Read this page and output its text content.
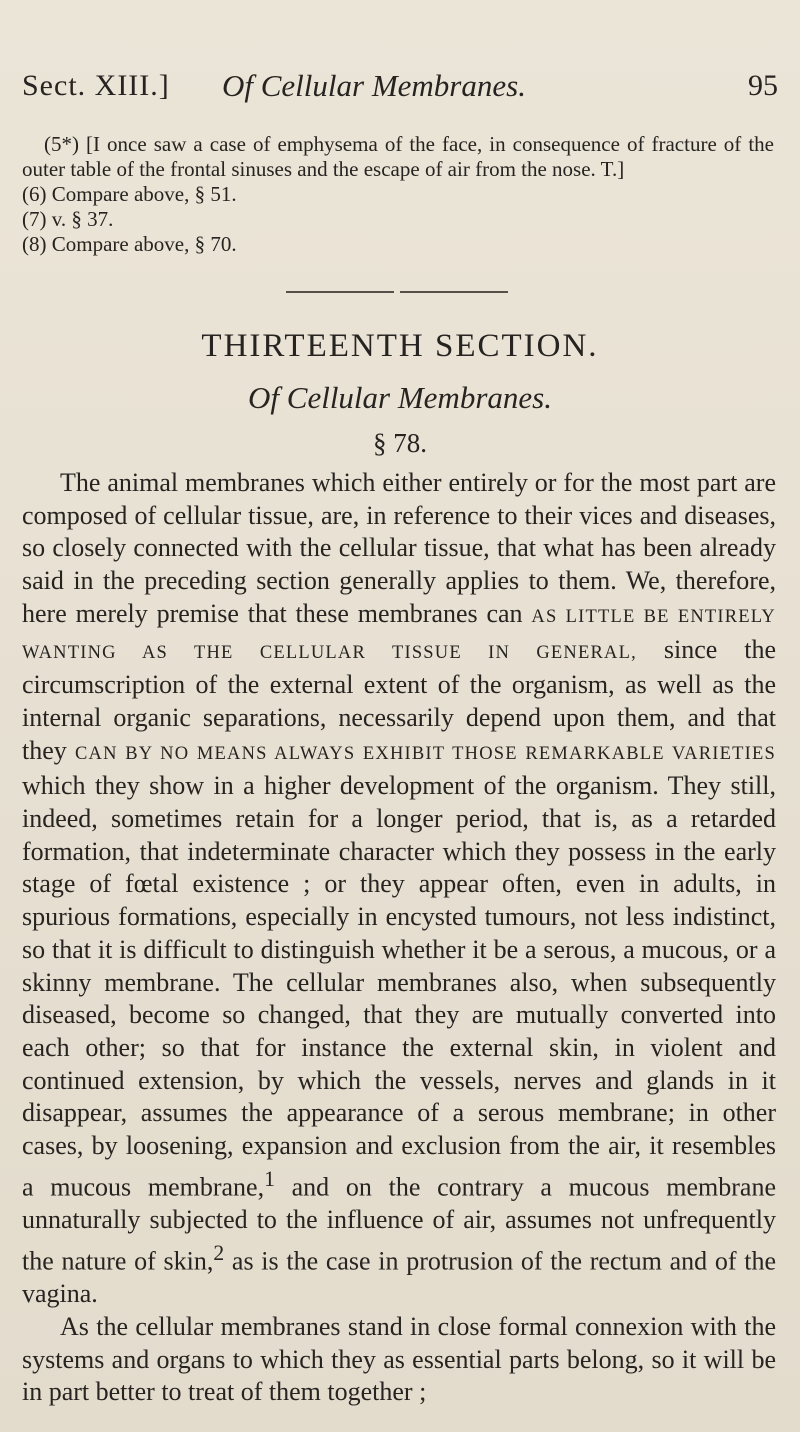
Sect. XIII.] Of Cellular Membranes.	95
(5*) [I once saw a case of emphysema of the face, in consequence of fracture of the outer table of the frontal sinuses and the escape of air from the nose. T.]
(6) Compare above, § 51.
(7) v. § 37.
(8) Compare above, § 70.
THIRTEENTH SECTION.
Of Cellular Membranes.
§ 78.

The animal membranes which either entirely or for the most part are composed of cellular tissue, are, in reference to their vices and diseases, so closely connected with the cellular tissue, that what has been already said in the preceding section generally applies to them. We, therefore, here merely premise that these membranes can AS LITTLE BE ENTIRELY WANTING AS THE CELLULAR TISSUE IN GENERAL, since the circumscription of the external extent of the organism, as well as the internal organic separations, necessarily depend upon them, and that they CAN BY NO MEANS ALWAYS EXHIBIT THOSE REMARKABLE VARIETIES which they show in a higher development of the organism. They still, indeed, sometimes retain for a longer period, that is, as a retarded formation, that indeterminate character which they possess in the early stage of fœtal existence ; or they appear often, even in adults, in spurious formations, especially in encysted tumours, not less indistinct, so that it is difficult to distinguish whether it be a serous, a mucous, or a skinny membrane. The cellular membranes also, when subsequently diseased, become so changed, that they are mutually converted into each other; so that for instance the external skin, in violent and continued extension, by which the vessels, nerves and glands in it disappear, assumes the appearance of a serous membrane; in other cases, by loosening, expansion and exclusion from the air, it resembles a mucous membrane,$^1$ and on the contrary a mucous membrane unnaturally subjected to the influence of air, assumes not unfrequently the nature of skin,$^2$ as is the case in protrusion of the rectum and of the vagina.

As the cellular membranes stand in close formal connexion with the systems and organs to which they as essential parts belong, so it will be in part better to treat of them together ;
